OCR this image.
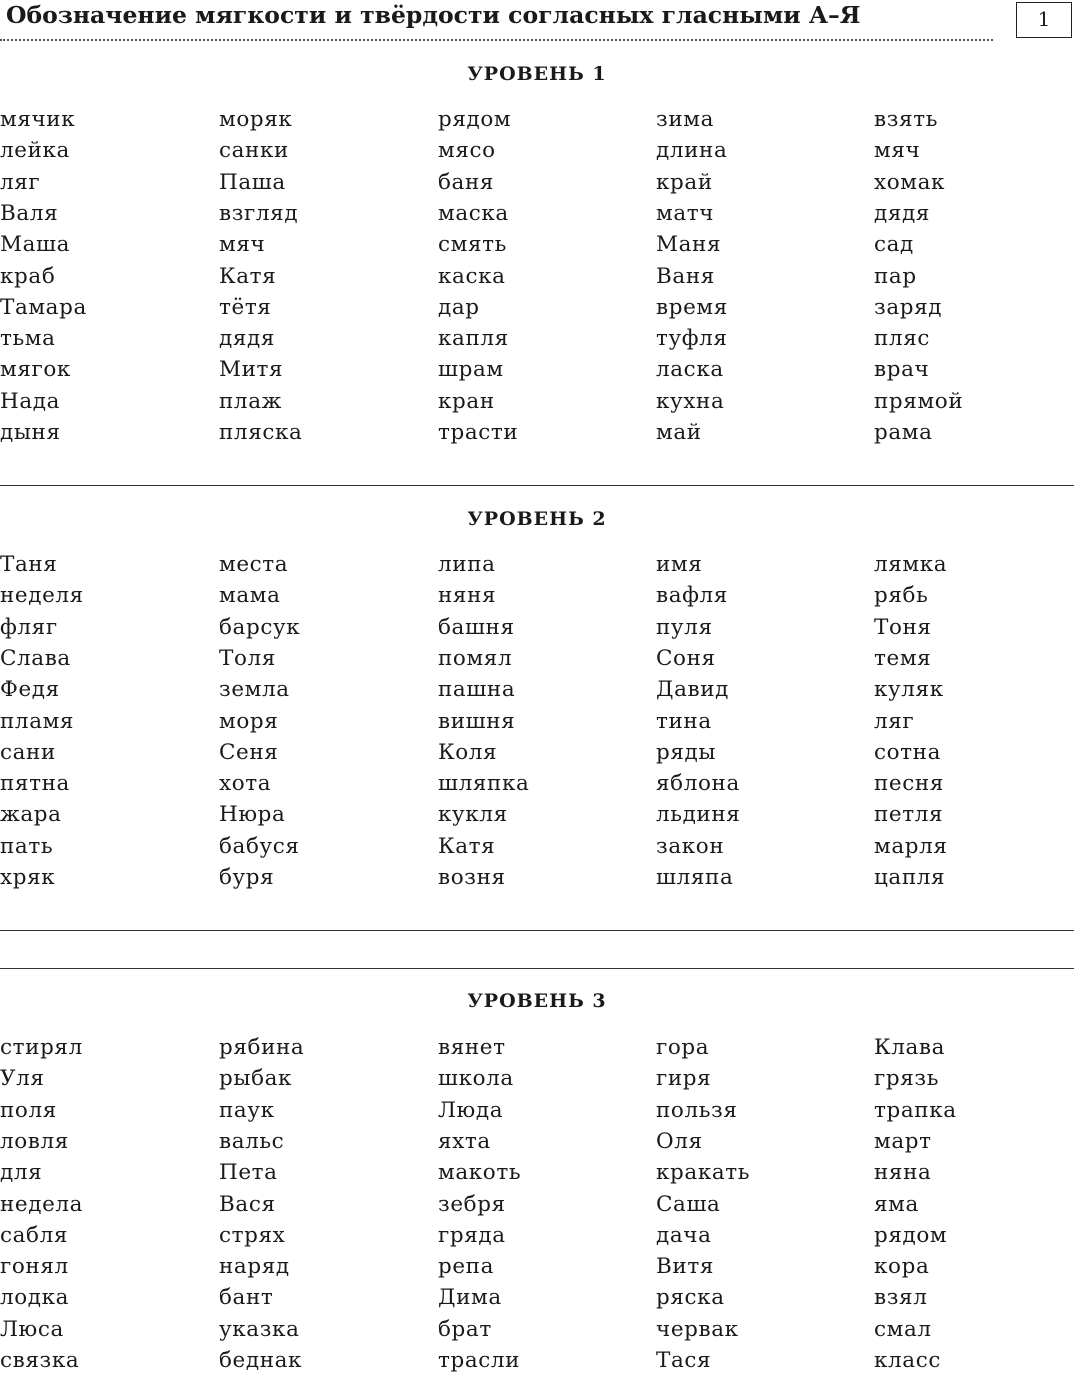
Обозначение мягкости и твёрдости согласных гласными А–Я	1
УРОВЕНЬ 1
мячик
лейка
ляг
Валя
Маша
краб
Тамара
тьма
мягок
Нада
дыня
моряк
санки
Паша
взгляд
мяч
Катя
тётя
дядя
Митя
плаж
пляска
рядом
мясо
баня
маска
смять
каска
дар
капля
шрам
кран
трасти
зима
длина
край
матч
Маня
Ваня
время
туфля
ласка
кухна
май
взять
мяч
хомак
дядя
сад
пар
заряд
пляс
врач
прямой
рама
УРОВЕНЬ 2
Таня
неделя
фляг
Слава
Федя
пламя
сани
пятна
жара
пать
хряк
места
мама
барсук
Толя
земла
моря
Сеня
хота
Нюра
бабуся
буря
липа
няня
башня
помял
пашна
вишня
Коля
шляпка
кукля
Катя
возня
имя
вафля
пуля
Соня
Давид
тина
ряды
яблона
льдиня
закон
шляпа
лямка
рябь
Тоня
темя
куляк
ляг
сотна
песня
петля
марля
цапля
УРОВЕНЬ 3
стирял
Уля
поля
ловля
для
недела
сабля
гонял
лодка
Люса
связка
рябина
рыбак
паук
вальс
Пета
Вася
стрях
наряд
бант
указка
беднак
вянет
школа
Люда
яхта
макоть
зебря
гряда
репа
Дима
брат
трасли
гора
гиря
пользя
Оля
кракать
Саша
дача
Витя
ряска
червак
Тася
Клава
грязь
трапка
март
няна
яма
рядом
кора
взял
смал
класс
